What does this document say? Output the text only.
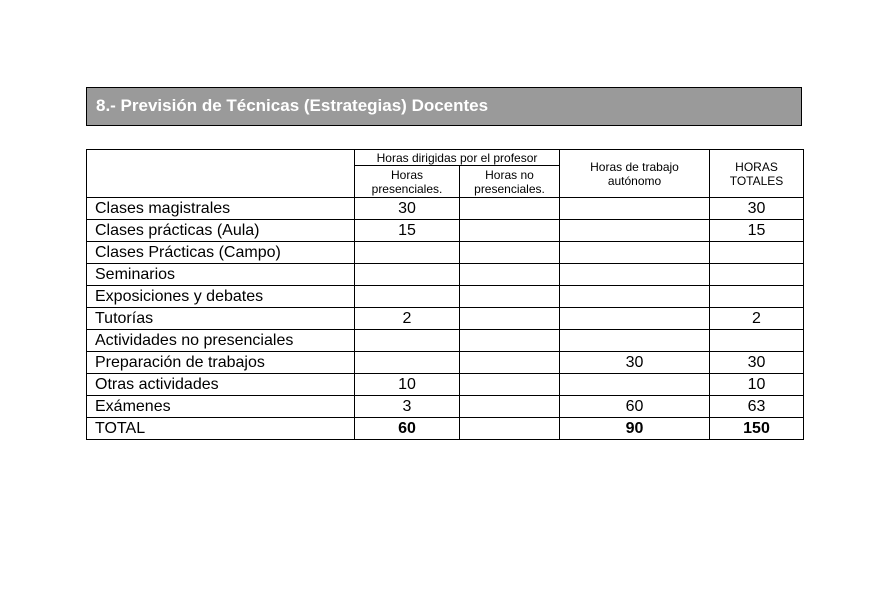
8.- Previsión de Técnicas (Estrategias) Docentes
	Horas dirigidas por el profesor		Horas de trabajo autónomo	HORAS TOTALES

	Horas presenciales.	Horas no presenciales.		

Clases magistrales	30			30
Clases prácticas (Aula)	15			15
Clases Prácticas (Campo)				
Seminarios				
Exposiciones y debates				
Tutorías	2			2
Actividades no presenciales				
Preparación de trabajos			30	30
Otras actividades	10			10
Exámenes	3		60	63
TOTAL	60		90	150
